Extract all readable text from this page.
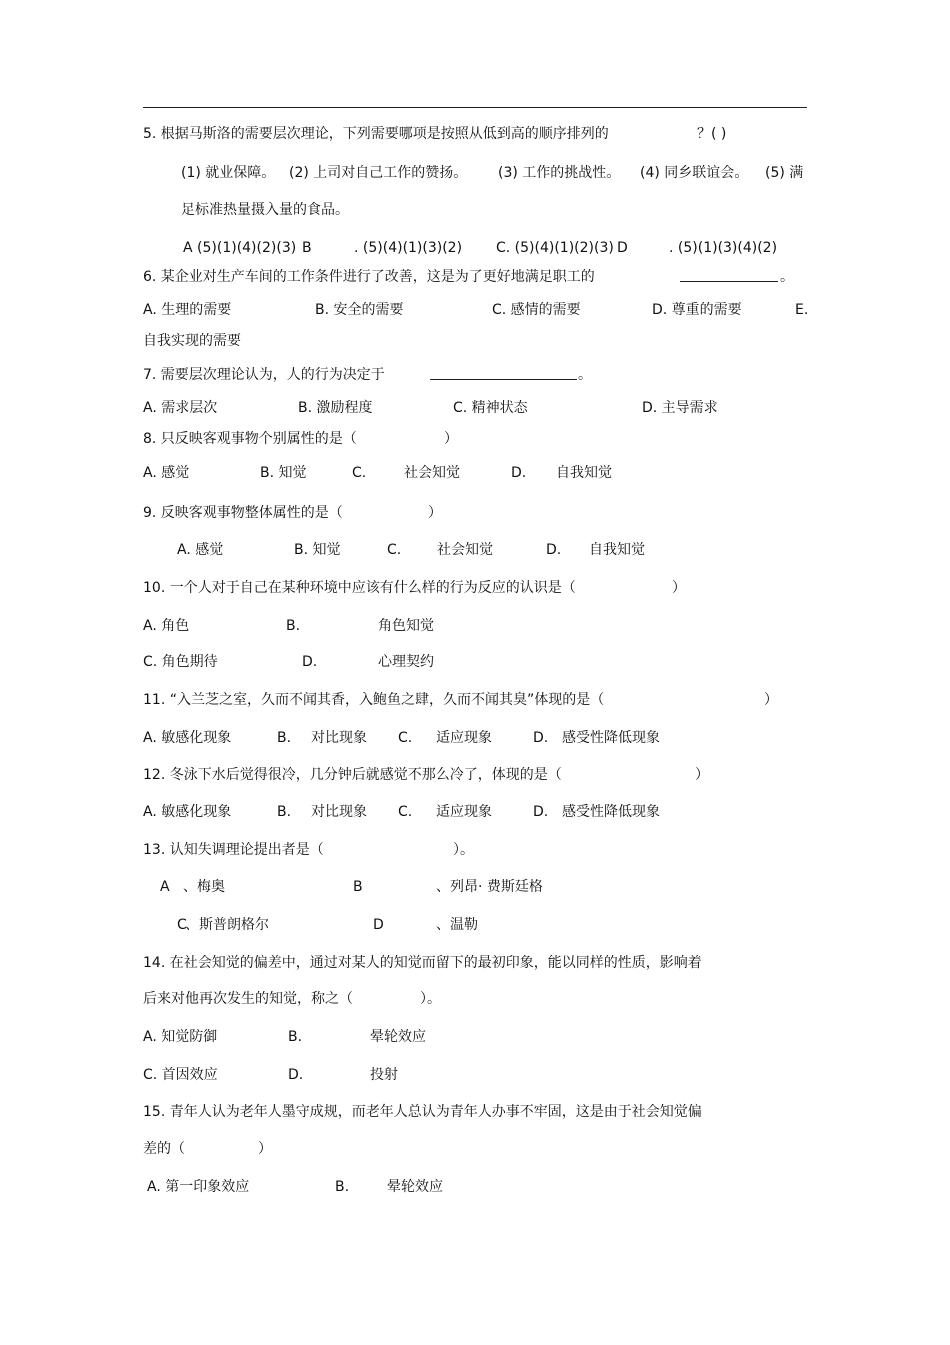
5. 根据马斯洛的需要层次理论，下列需要哪项是按照从低到高的顺序排列的	？( )
(1) 就业保障。 (2) 上司对自己工作的赞扬。 (3) 工作的挑战性。 (4) 同乡联谊会。 (5) 满
足标准热量摄入量的食品。
A (5)(1)(4)(2)(3) B	. (5)(4)(1)(3)(2) C. (5)(4)(1)(2)(3) D	. (5)(1)(3)(4)(2)
6. 某企业对生产车间的工作条件进行了改善，这是为了更好地满足职工的	。
A. 生理的需要	B. 安全的需要	C. 感情的需要	D. 尊重的需要	E.
自我实现的需要
7. 需要层次理论认为，人的行为决定于	。
A. 需求层次	B. 激励程度	C. 精神状态	D. 主导需求
8. 只反映客观事物个别属性的是（	）
A. 感觉	B. 知觉	C.	社会知觉	D. 自我知觉
9. 反映客观事物整体属性的是（	）
A. 感觉	B. 知觉	C.	社会知觉	D. 自我知觉
10. 一个人对于自己在某种环境中应该有什么样的行为反应的认识是（	）
A. 角色	B.	角色知觉
C. 角色期待	D.	心理契约
11. “入兰芝之室，久而不闻其香，入鲍鱼之肆，久而不闻其臭”体现的是（	）
A. 敏感化现象	B. 对比现象 C. 适应现象	D. 感受性降低现象
12. 冬泳下水后觉得很冷，几分钟后就感觉不那么冷了，体现的是（	）
A. 敏感化现象	B. 对比现象 C. 适应现象	D. 感受性降低现象
13. 认知失调理论提出者是（	）。
A 、梅奥	B	、列昂· 费斯廷格
C
、斯普朗格尔	D	、温勒
14. 在社会知觉的偏差中，通过对某人的知觉而留下的最初印象，能以同样的性质，影响着
后来对他再次发生的知觉，称之（	）。
A. 知觉防御	B.	晕轮效应
C. 首因效应	D.	投射
15. 青年人认为老年人墨守成规，而老年人总认为青年人办事不牢固，这是由于社会知觉偏
差的（	）
A. 第一印象效应	B.	晕轮效应
